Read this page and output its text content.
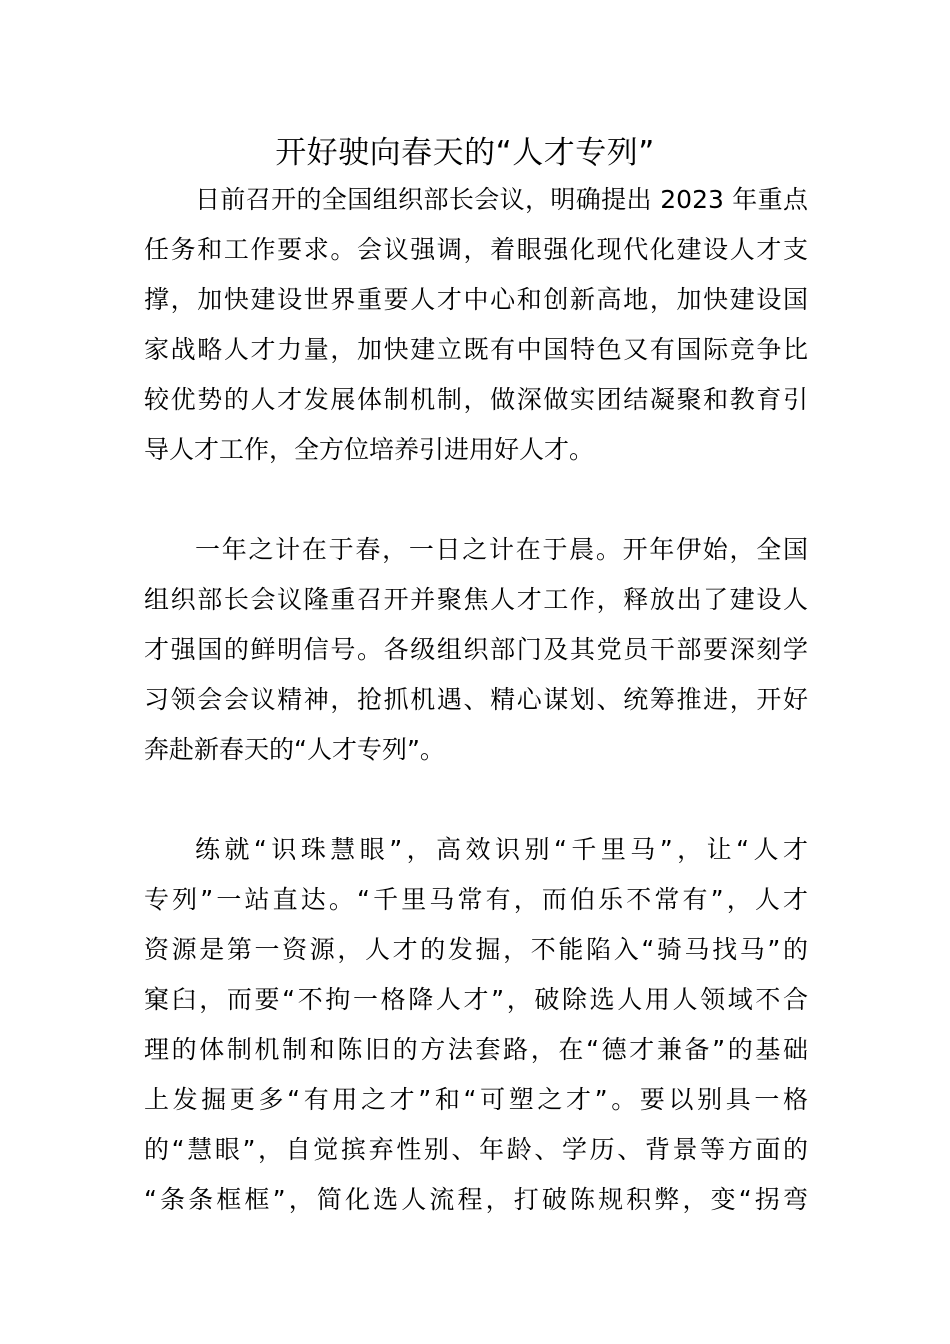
开好驶向春天的“人才专列”

日前召开的全国组织部长会议，明确提出 2023 年重点
任务和工作要求。会议强调，着眼强化现代化建设人才支
撑，加快建设世界重要人才中心和创新高地，加快建设国
家战略人才力量，加快建立既有中国特色又有国际竞争比
较优势的人才发展体制机制，做深做实团结凝聚和教育引
导人才工作，全方位培养引进用好人才。

一年之计在于春，一日之计在于晨。开年伊始，全国
组织部长会议隆重召开并聚焦人才工作，释放出了建设人
才强国的鲜明信号。各级组织部门及其党员干部要深刻学
习领会会议精神，抢抓机遇、精心谋划、统筹推进，开好
奔赴新春天的“人才专列”。

练就“识珠慧眼”，高效识别“千里马”，让“人才
专列”一站直达。“千里马常有，而伯乐不常有”，人才
资源是第一资源，人才的发掘，不能陷入“骑马找马”的
窠臼，而要“不拘一格降人才”，破除选人用人领域不合
理的体制机制和陈旧的方法套路，在“德才兼备”的基础
上发掘更多“有用之才”和“可塑之才”。要以别具一格
的“慧眼”，自觉摈弃性别、年龄、学历、背景等方面的
“条条框框”，简化选人流程，打破陈规积弊，变“拐弯
